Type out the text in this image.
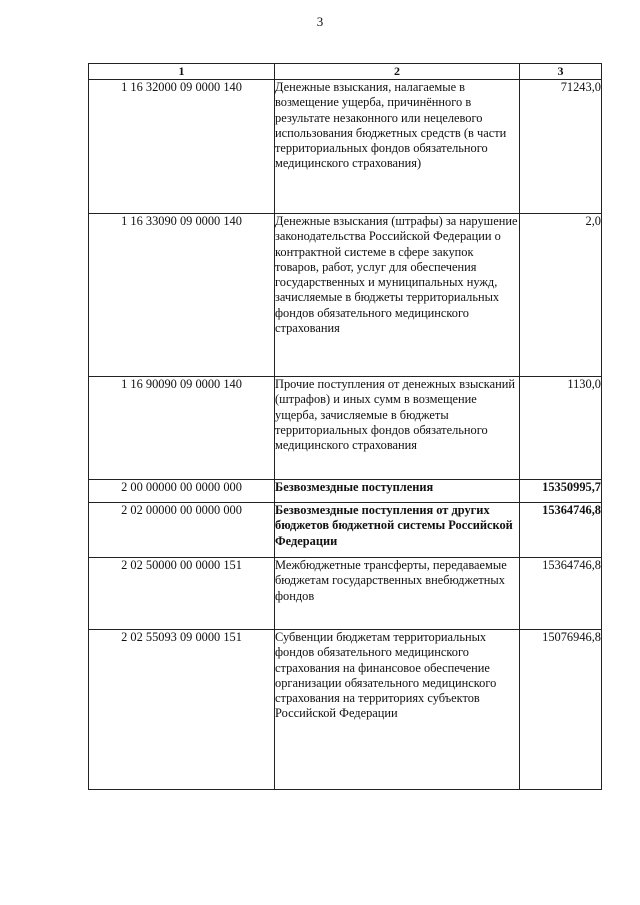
3
1	2	3
1 16 32000 09 0000 140	Денежные взыскания, налагаемые в возмещение ущерба, причинённого в результате незаконного или нецелевого использования бюджетных средств (в части территориальных фондов обязательного медицинского страхования)	71243,0
1 16 33090 09 0000 140	Денежные взыскания (штрафы) за нарушение законодательства Российской Федерации о контрактной системе в сфере закупок товаров, работ, услуг для обеспечения государственных и муниципальных нужд, зачисляемые в бюджеты территориальных фондов обязательного медицинского страхования	2,0
1 16 90090 09 0000 140	Прочие поступления от денежных взысканий (штрафов) и иных сумм в возмещение ущерба, зачисляемые в бюджеты территориальных фондов обязательного медицинского страхования	1130,0
2 00 00000 00 0000 000	Безвозмездные поступления	15350995,7
2 02 00000 00 0000 000	Безвозмездные поступления от других бюджетов бюджетной системы Российской Федерации	15364746,8
2 02 50000 00 0000 151	Межбюджетные трансферты, передаваемые бюджетам государственных внебюджетных фондов	15364746,8
2 02 55093 09 0000 151	Субвенции бюджетам территориальных фондов обязательного медицинского страхования на финансовое обеспечение организации обязательного медицинского страхования на территориях субъектов Российской Федерации	15076946,8
